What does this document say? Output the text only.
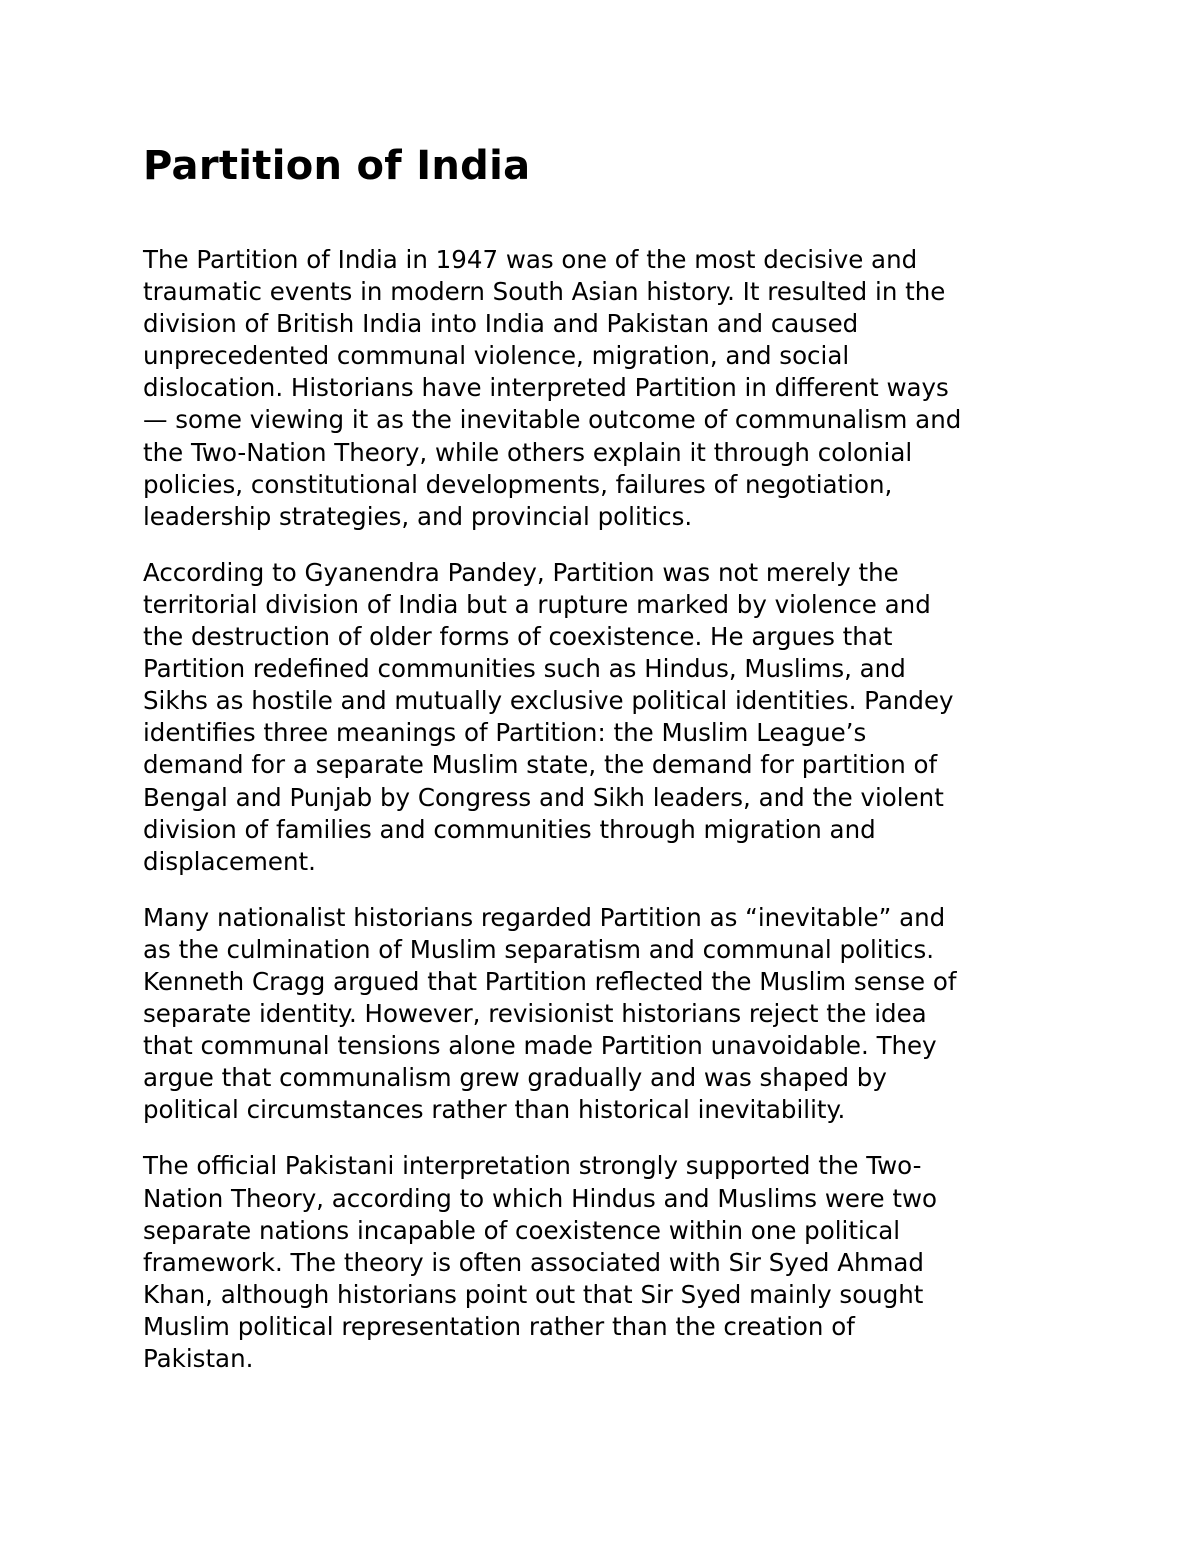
Partition of India

The Partition of India in 1947 was one of the most decisive and
traumatic events in modern South Asian history. It resulted in the
division of British India into India and Pakistan and caused
unprecedented communal violence, migration, and social
dislocation. Historians have interpreted Partition in different ways
— some viewing it as the inevitable outcome of communalism and
the Two-Nation Theory, while others explain it through colonial
policies, constitutional developments, failures of negotiation,
leadership strategies, and provincial politics.

According to Gyanendra Pandey, Partition was not merely the
territorial division of India but a rupture marked by violence and
the destruction of older forms of coexistence. He argues that
Partition redefined communities such as Hindus, Muslims, and
Sikhs as hostile and mutually exclusive political identities. Pandey
identifies three meanings of Partition: the Muslim League’s
demand for a separate Muslim state, the demand for partition of
Bengal and Punjab by Congress and Sikh leaders, and the violent
division of families and communities through migration and
displacement.

Many nationalist historians regarded Partition as “inevitable” and
as the culmination of Muslim separatism and communal politics.
Kenneth Cragg argued that Partition reflected the Muslim sense of
separate identity. However, revisionist historians reject the idea
that communal tensions alone made Partition unavoidable. They
argue that communalism grew gradually and was shaped by
political circumstances rather than historical inevitability.

The official Pakistani interpretation strongly supported the Two-
Nation Theory, according to which Hindus and Muslims were two
separate nations incapable of coexistence within one political
framework. The theory is often associated with Sir Syed Ahmad
Khan, although historians point out that Sir Syed mainly sought
Muslim political representation rather than the creation of
Pakistan.
